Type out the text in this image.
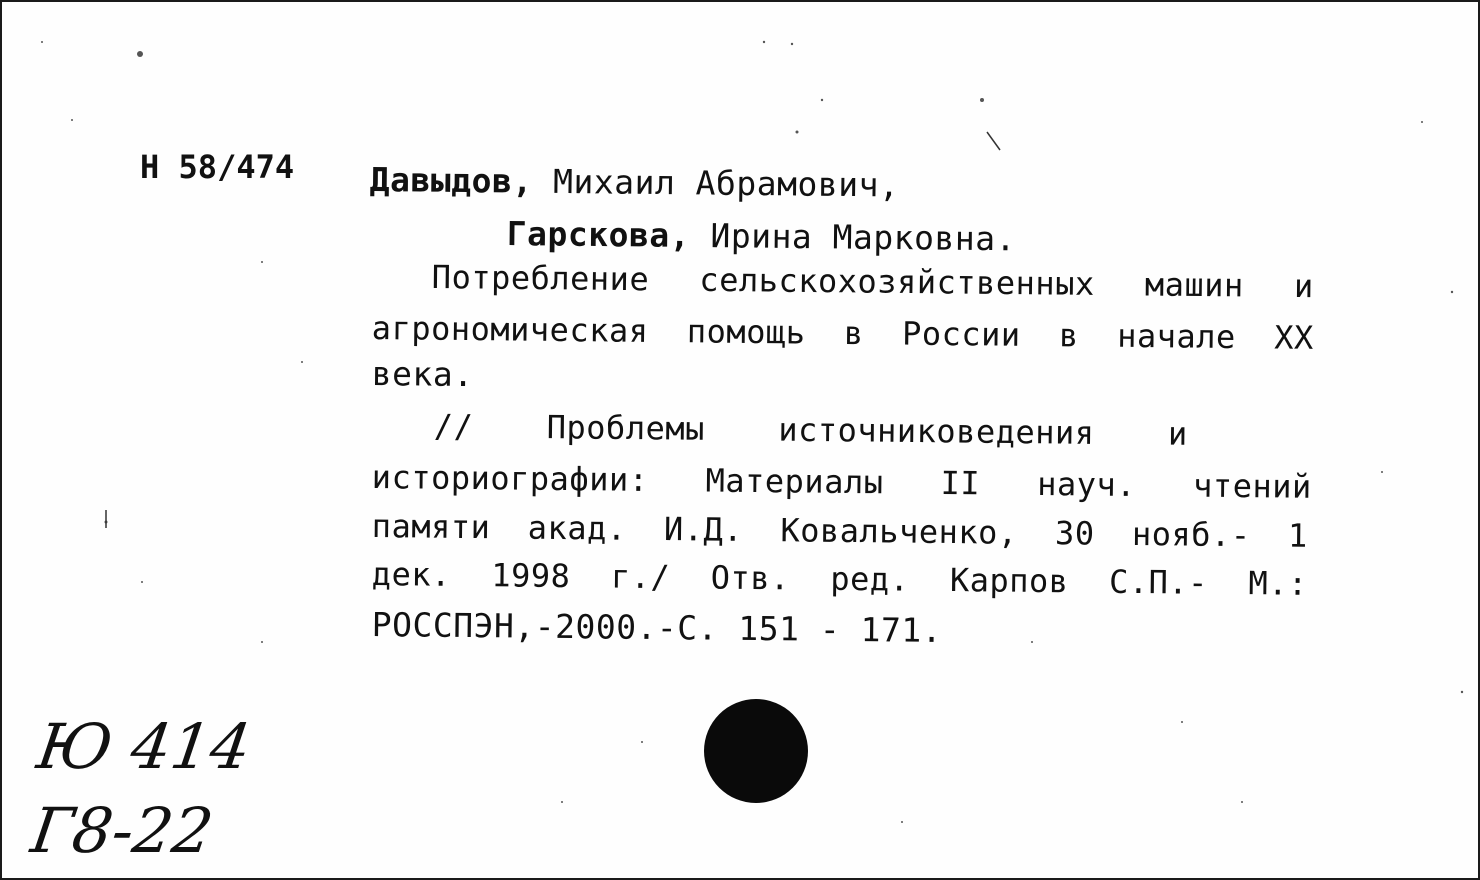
Н 58/474 Давыдов, Михаил Абрамович,
Гарскова, Ирина Марковна.
Потребление сельскохозяйственных машин и
агрономическая помощь в России в начале XX
века.
// Проблемы источниковедения и
историографии: Материалы II науч. чтений
памяти акад. И.Д. Ковальченко, 30 нояб.- 1
дек. 1998 г./ Отв. ред. Карпов С.П.- М.:
РОССПЭН,-2000.-С. 151 - 171.
Ю 414
Г8-22
